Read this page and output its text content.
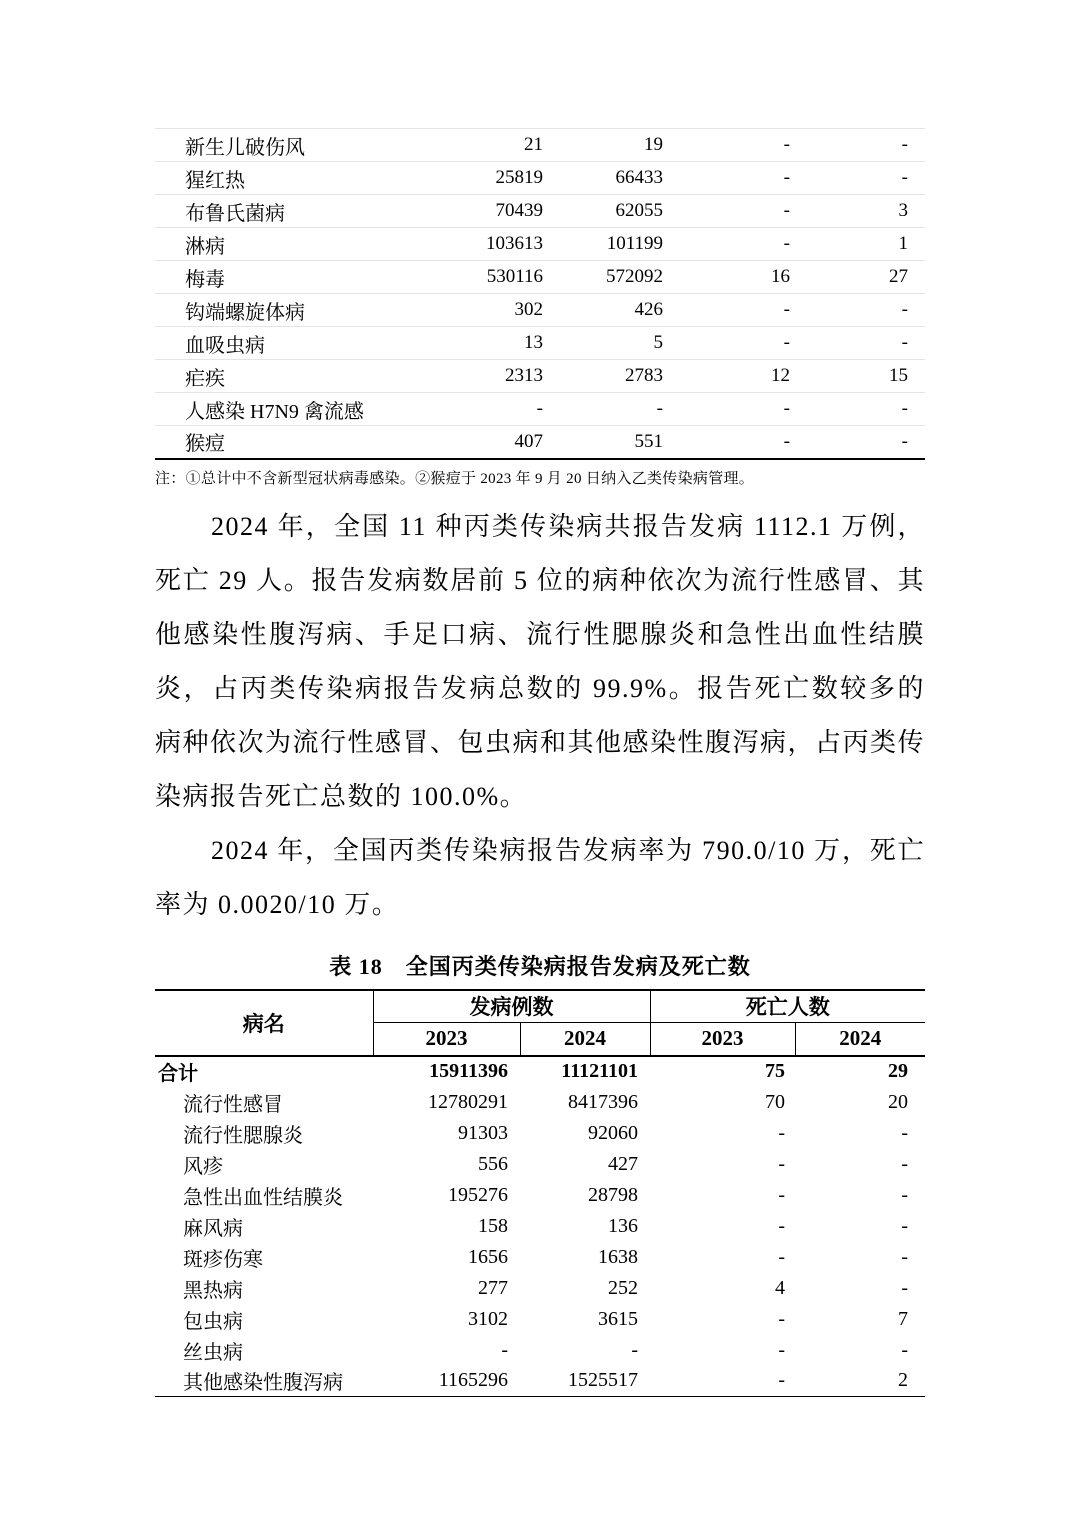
新生儿破伤风	21	19	-	-
猩红热	25819	66433	-	-
布鲁氏菌病	70439	62055	-	3
淋病	103613	101199	-	1
梅毒	530116	572092	16	27
钩端螺旋体病	302	426	-	-
血吸虫病	13	5	-	-
疟疾	2313	2783	12	15
人感染 H7N9 禽流感	-	-	-	-
猴痘	407	551	-	-
注：①总计中不含新型冠状病毒感染。②猴痘于 2023 年 9 月 20 日纳入乙类传染病管理。

2024 年，全国 11 种丙类传染病共报告发病 1112.1 万例，死亡 29 人。报告发病数居前 5 位的病种依次为流行性感冒、其他感染性腹泻病、手足口病、流行性腮腺炎和急性出血性结膜炎，占丙类传染病报告发病总数的 99.9%。报告死亡数较多的病种依次为流行性感冒、包虫病和其他感染性腹泻病，占丙类传染病报告死亡总数的 100.0%。

2024 年，全国丙类传染病报告发病率为 790.0/10 万，死亡率为 0.0020/10 万。

表 18　全国丙类传染病报告发病及死亡数
病名	发病例数		死亡人数	
	2023	2024	2023	2024
合计	15911396	11121101	75	29
流行性感冒	12780291	8417396	70	20
流行性腮腺炎	91303	92060	-	-
风疹	556	427	-	-
急性出血性结膜炎	195276	28798	-	-
麻风病	158	136	-	-
斑疹伤寒	1656	1638	-	-
黑热病	277	252	4	-
包虫病	3102	3615	-	7
丝虫病	-	-	-	-
其他感染性腹泻病	1165296	1525517	-	2
